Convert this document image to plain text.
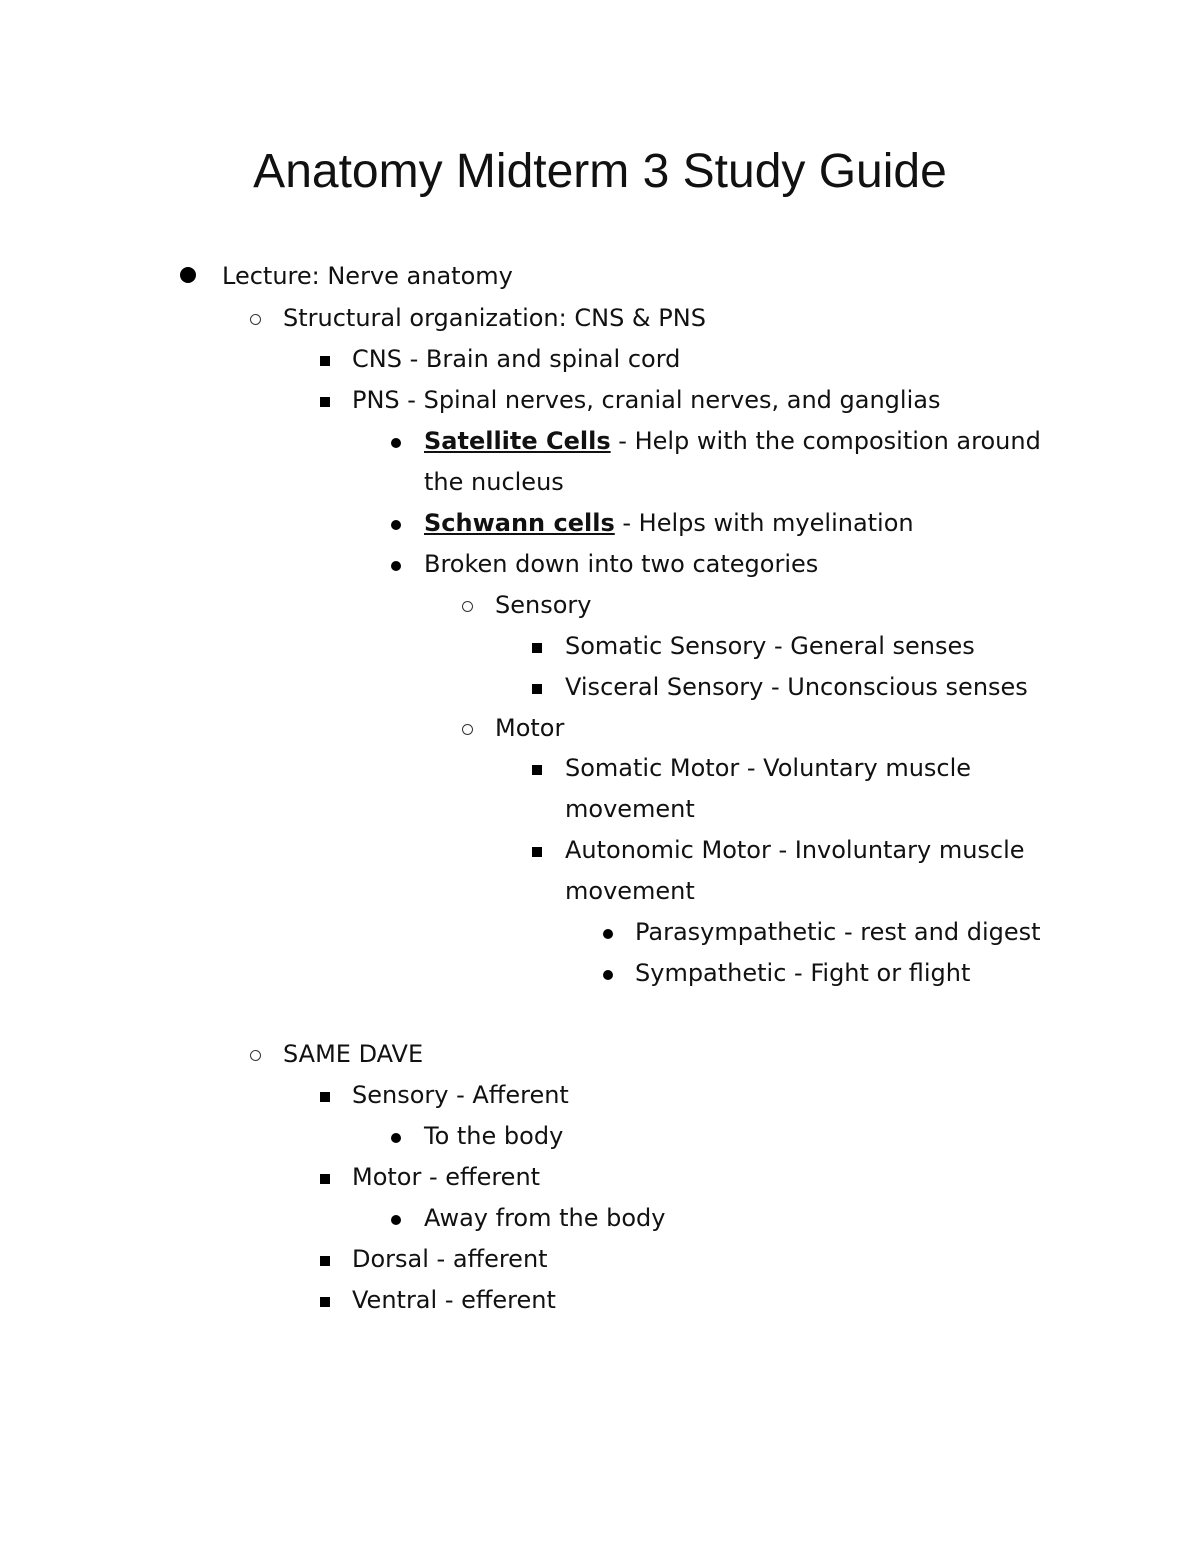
Anatomy Midterm 3 Study Guide
Lecture: Nerve anatomy
Structural organization: CNS & PNS
CNS - Brain and spinal cord
PNS - Spinal nerves, cranial nerves, and ganglias
Satellite Cells - Help with the composition around
the nucleus
Schwann cells - Helps with myelination
Broken down into two categories
Sensory
Somatic Sensory - General senses
Visceral Sensory - Unconscious senses
Motor
Somatic Motor - Voluntary muscle
movement
Autonomic Motor - Involuntary muscle
movement
Parasympathetic - rest and digest
Sympathetic - Fight or flight
SAME DAVE
Sensory - Afferent
To the body
Motor - efferent
Away from the body
Dorsal - afferent
Ventral - efferent
